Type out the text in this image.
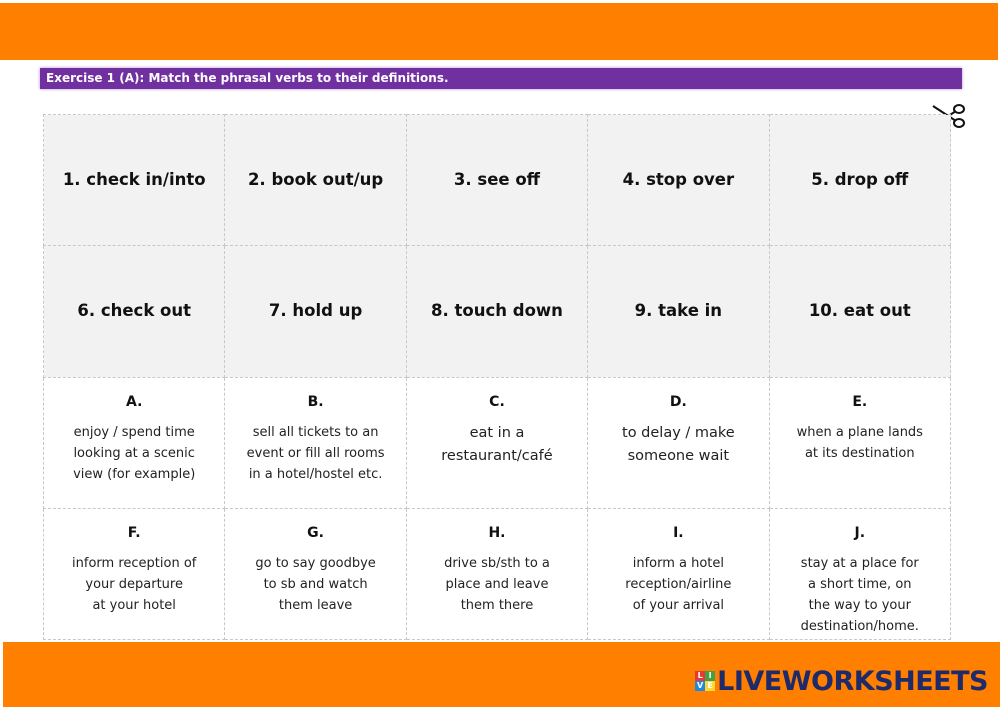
Exercise 1 (A): Match the phrasal verbs to their definitions.
1. check in/into	2. book out/up	3. see off	4. stop over	5. drop off
6. check out	7. hold up	8. touch down	9. take in	10. eat out

A.
enjoy / spend time
looking at a scenic
view (for example)	B.
sell all tickets to an
event or fill all rooms
in a hotel/hostel etc.	C.
eat in a
restaurant/café	D.
to delay / make
someone wait	E.
when a plane lands
at its destination

F.
inform reception of
your departure
at your hotel	G.
go to say goodbye
to sb and watch
them leave	H.
drive sb/sth to a
place and leave
them there	I.
inform a hotel
reception/airline
of your arrival	J.
stay at a place for
a short time, on
the way to your
destination/home.
L I
V E LIVEWORKSHEETS
